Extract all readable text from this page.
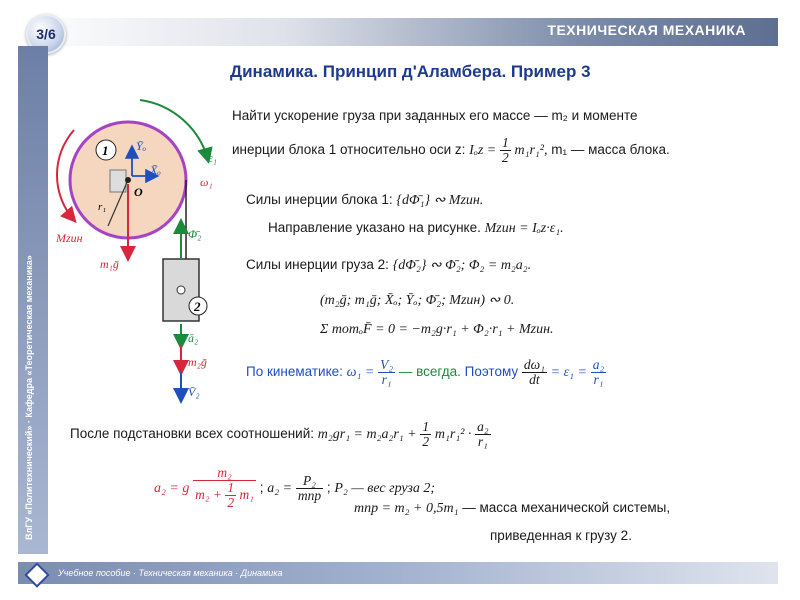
3/6	ТЕХНИЧЕСКАЯ МЕХАНИКА
ВлГУ «Политехнический» · Кафедра «Теоретическая механика»
Учебное пособие · Техническая механика · Динамика
Динамика. Принцип д'Аламбера. Пример 3
Найти ускорение груза при заданных его массе — m₂ и моменте
инерции блока 1 относительно оси z: $I_oz = \frac{1}{2} m_1r_1^2$, m₁ — масса блока.
Силы инерции блока 1: {dΦ̄₁} ∾ Mzин.
Направление указано на рисунке. Mzин = Iₒz·ε₁.
Силы инерции груза 2: {dΦ̄₂} ∾ Φ̄₂; Φ₂ = m₂a₂.
(m₂ḡ; m₁ḡ; X̄ₒ; Ȳₒ; Φ̄₂; Mzин) ∾ 0.
Σ momₒF̄ = 0 = −m₂g·r₁ + Φ₂·r₁ + Mzин.
По кинематике: $\omega_1 = \frac{\text{V₂}}{\text{r₁}}$ — всегда. Поэтому $\frac{\text{dω₁}}{dt} = \varepsilon_1 = \frac{\text{a₂}}{\text{r₁}}$
После подстановки всех соотношений: $m_2gr_1 = m_2a_2r_1 + \frac{1}{2} m_1r_1^2 \cdot \frac{\text{a₂}}{\text{r₁}}$
a₂ = g $\frac{\text{m₂}}{m_2 + \frac{1}{2} m_1}$ ; $a_2 = \frac{\text{P₂}}{\text{mпр}}$ ; P₂ — вес груза 2;
mпр = m₂ + 0,5m₁ — масса механической системы,
приведенная к грузу 2.
1
2
O
r₁
Ȳₒ
X̄ₒ
ε₁
ω₁
Mzин
m₁ḡ
Φ̄₂
ā₂
m₂ḡ
V̄₂
